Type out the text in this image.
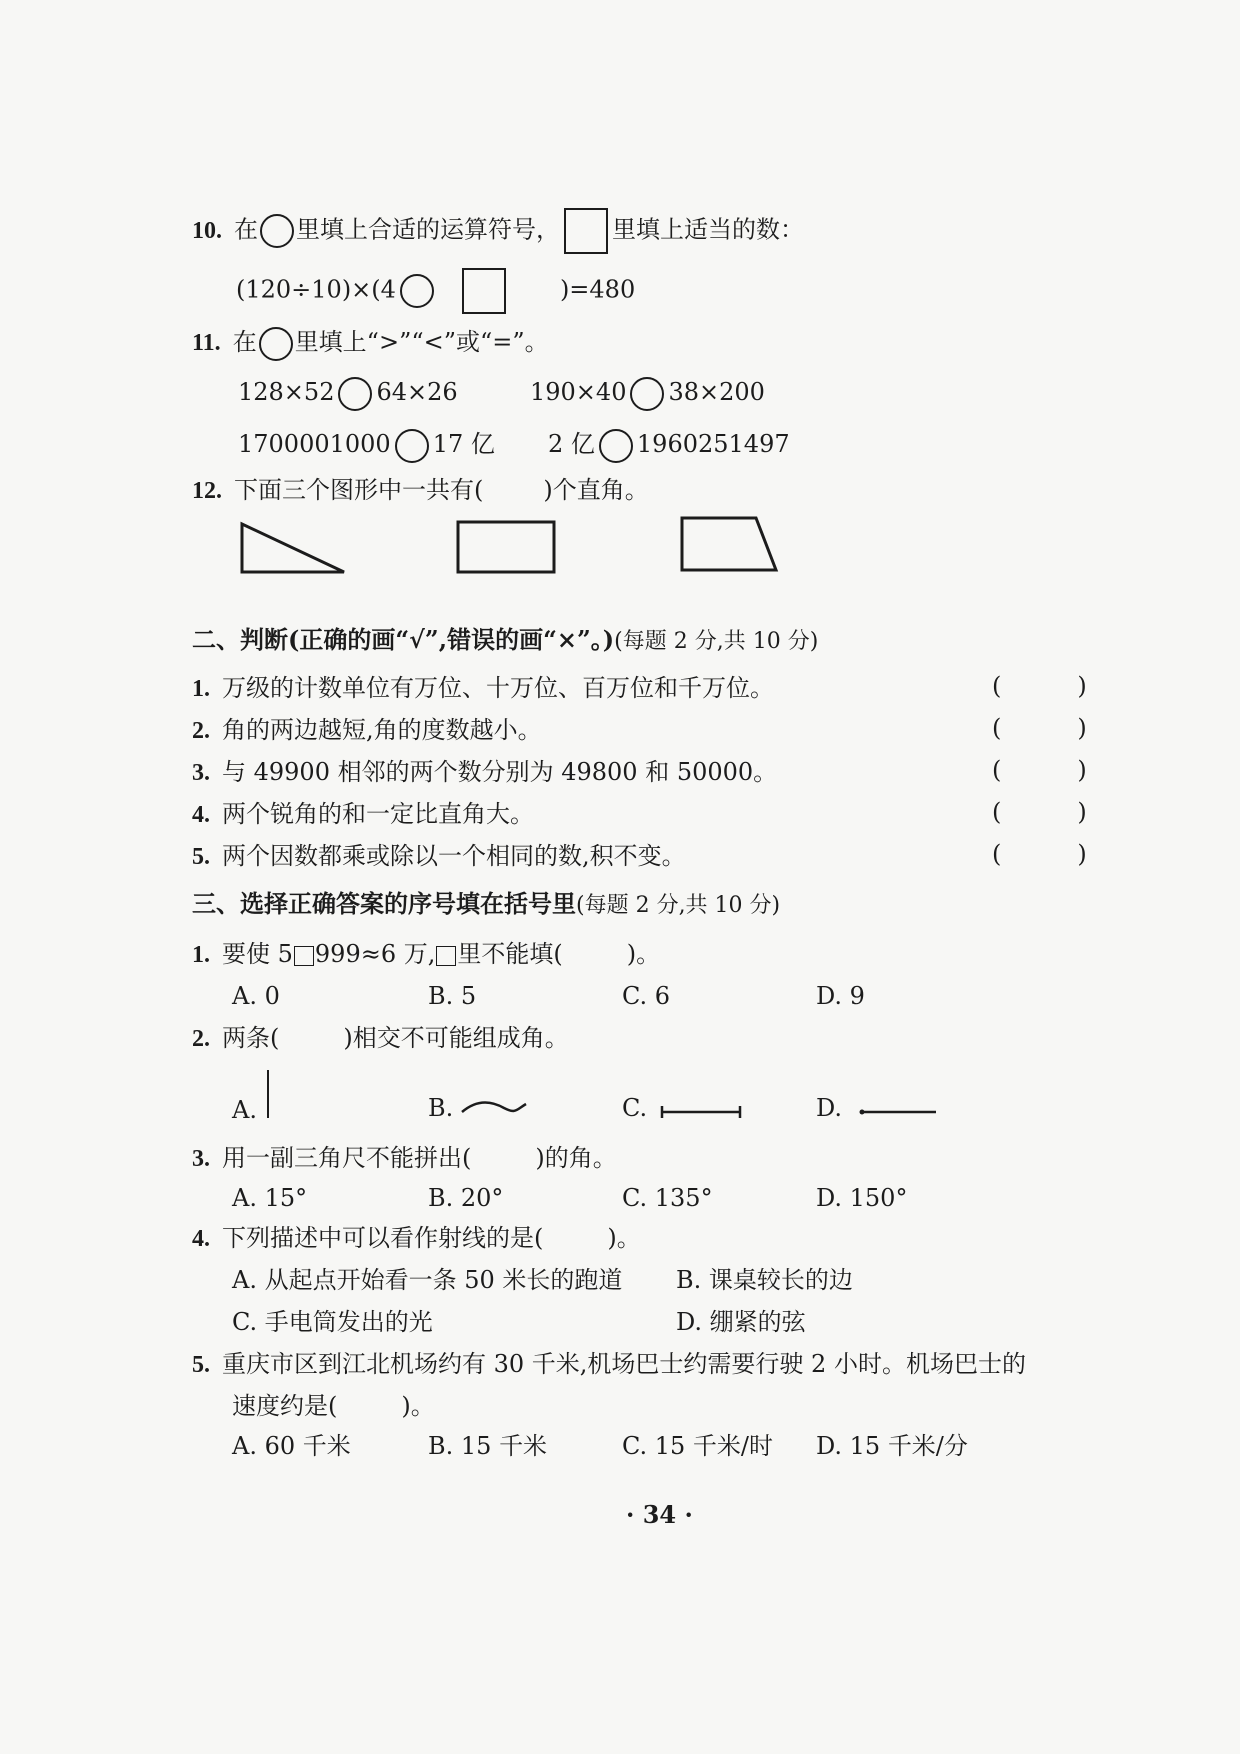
10. 在 里填上合适的运算符号， 里填上适当的数：
(120÷10)×(4	)=480
11. 在 里填上“>”“<”或“=”。
128×52 64×26	190×40 38×200
1700001000 17 亿 2 亿 1960251497
12. 下面三个图形中一共有(	)个直角。
二、判断(正确的画“√”,错误的画“×”。)(每题 2 分,共 10 分)
1. 万级的计数单位有万位、十万位、百万位和千万位。
2. 角的两边越短,角的度数越小。
3. 与 49900 相邻的两个数分别为 49800 和 50000。
4. 两个锐角的和一定比直角大。
5. 两个因数都乘或除以一个相同的数,积不变。
(	)
(	)
(	)
(	)
(	)
三、选择正确答案的序号填在括号里(每题 2 分,共 10 分)
1. 要使 5 999≈6 万, 里不能填(	)。
A. 0	B. 5	C. 6	D. 9
2. 两条(	)相交不可能组成角。
A.	B.	C.	D.
3. 用一副三角尺不能拼出(	)的角。
A. 15°	B. 20°	C. 135°	D. 150°
4. 下列描述中可以看作射线的是(	)。
A. 从起点开始看一条 50 米长的跑道 B. 课桌较长的边
C. 手电筒发出的光	D. 绷紧的弦
5. 重庆市区到江北机场约有 30 千米,机场巴士约需要行驶 2 小时。机场巴士的
速度约是(	)。
A. 60 千米	B. 15 千米	C. 15 千米/时 D. 15 千米/分
· 34 ·
